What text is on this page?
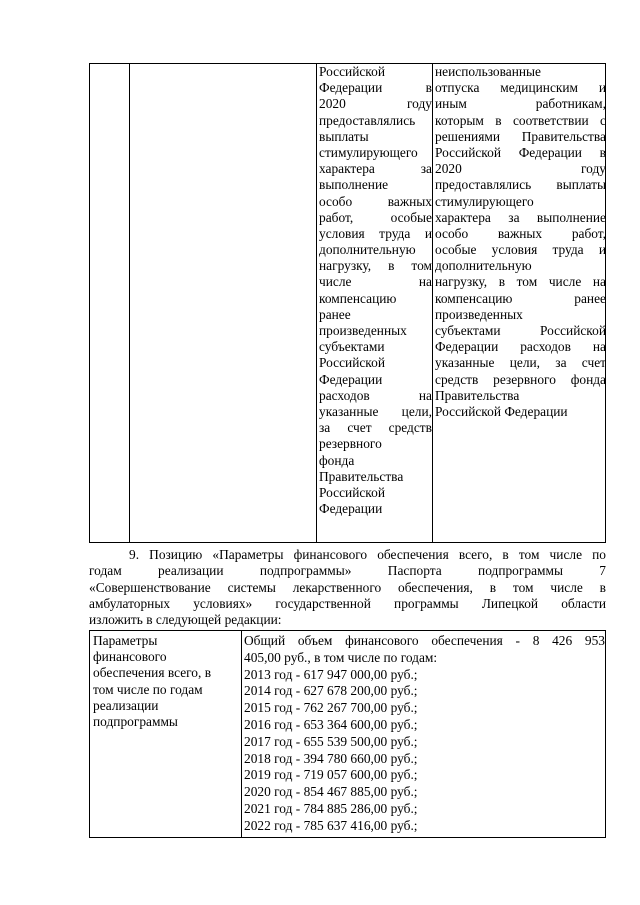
Российской
Федерации в
2020 году
предоставлялись
выплаты
стимулирующего
характера за
выполнение
особо важных
работ, особые
условия труда и
дополнительную
нагрузку, в том
числе на
компенсацию
ранее
произведенных
субъектами
Российской
Федерации
расходов на
указанные цели,
за счет средств
резервного
фонда
Правительства
Российской
Федерации
неиспользованные
отпуска медицинским и
иным работникам,
которым в соответствии с
решениями Правительства
Российской Федерации в
2020 году
предоставлялись выплаты
стимулирующего
характера за выполнение
особо важных работ,
особые условия труда и
дополнительную
нагрузку, в том числе на
компенсацию ранее
произведенных
субъектами Российской
Федерации расходов на
указанные цели, за счет
средств резервного фонда
Правительства
Российской Федерации
9. Позицию «Параметры финансового обеспечения всего, в том числе по
годам реализации подпрограммы» Паспорта подпрограммы 7
«Совершенствование системы лекарственного обеспечения, в том числе в
амбулаторных условиях» государственной программы Липецкой области
изложить в следующей редакции:
Параметры
финансового
обеспечения всего, в
том числе по годам
реализации
подпрограммы
Общий объем финансового обеспечения - 8 426 953
405,00 руб., в том числе по годам:
2013 год - 617 947 000,00 руб.;
2014 год - 627 678 200,00 руб.;
2015 год - 762 267 700,00 руб.;
2016 год - 653 364 600,00 руб.;
2017 год - 655 539 500,00 руб.;
2018 год - 394 780 660,00 руб.;
2019 год - 719 057 600,00 руб.;
2020 год - 854 467 885,00 руб.;
2021 год - 784 885 286,00 руб.;
2022 год - 785 637 416,00 руб.;
